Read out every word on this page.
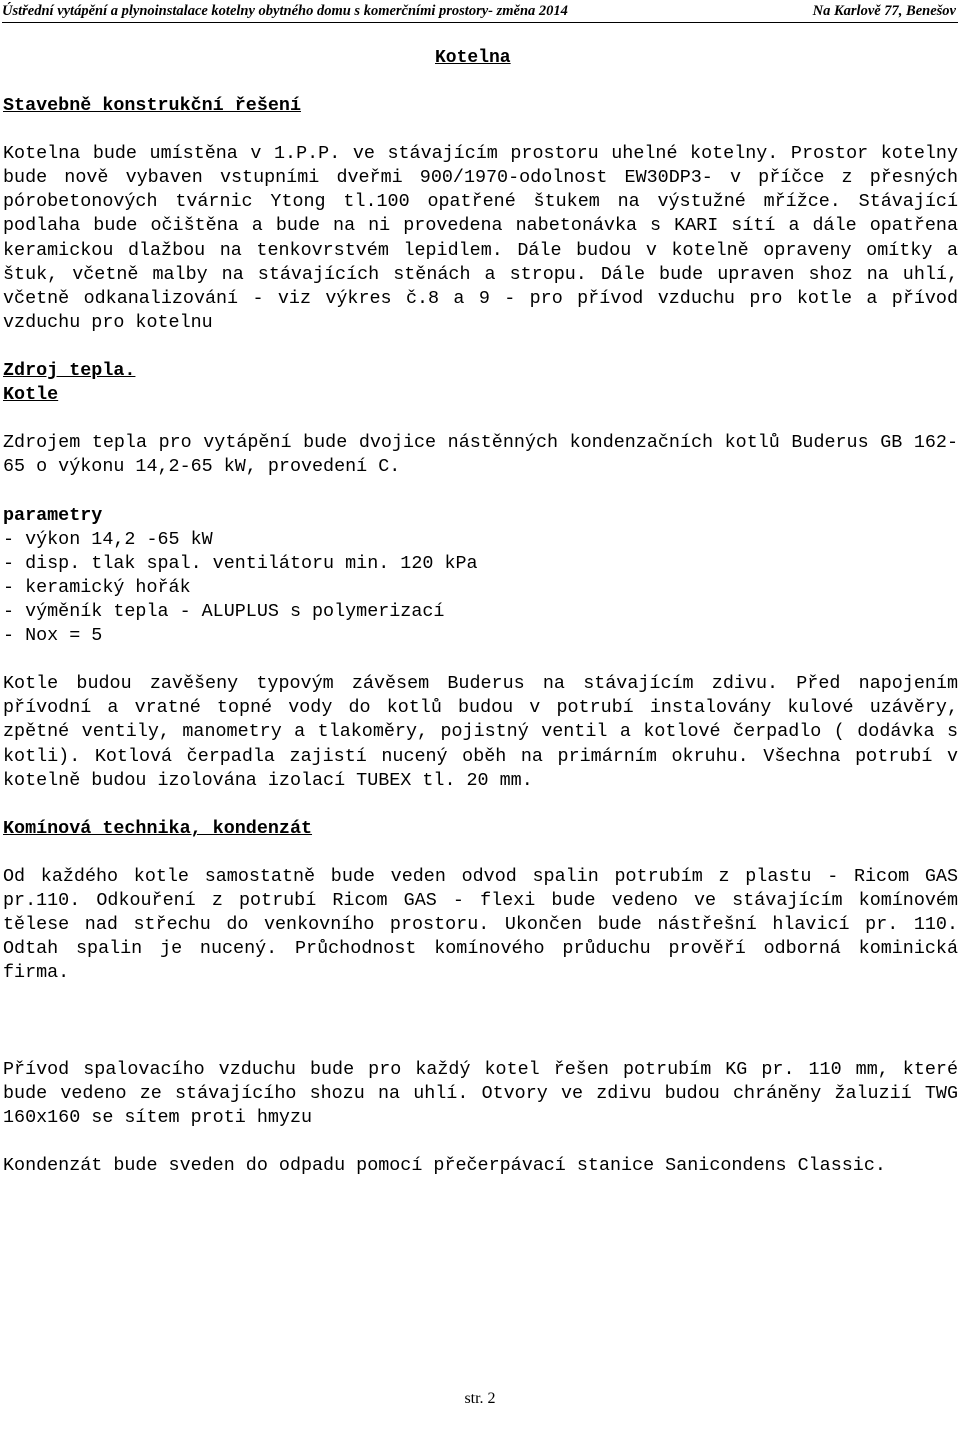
Ústřední vytápění a plynoinstalace kotelny obytného domu s komerčními prostory- změna 2014	Na Karlově 77, Benešov
Kotelna
Stavebně konstrukční řešení

Kotelna bude umístěna v 1.P.P. ve stávajícím prostoru uhelné kotelny. Prostor kotelny bude nově vybaven vstupními dveřmi 900/1970-odolnost EW30DP3- v příčce z přesných pórobetonových tvárnic Ytong tl.100 opatřené štukem na výstužné mřížce. Stávající podlaha bude očištěna a bude na ni provedena nabetonávka s KARI sítí a dále opatřena keramickou dlažbou na tenkovrstvém lepidlem. Dále budou v kotelně opraveny omítky a štuk, včetně malby na stávajících stěnách a stropu. Dále bude upraven shoz na uhlí, včetně odkanalizování - viz výkres č.8 a 9 - pro přívod vzduchu pro kotle a přívod vzduchu pro kotelnu

Zdroj tepla.
Kotle

Zdrojem tepla pro vytápění bude dvojice nástěnných kondenzačních kotlů Buderus GB 162-65 o výkonu 14,2-65 kW, provedení C.

parametry
- výkon 14,2 -65 kW
- disp. tlak spal. ventilátoru min. 120 kPa
- keramický hořák
- výměník tepla - ALUPLUS s polymerizací
- Nox = 5

Kotle budou zavěšeny typovým závěsem Buderus na stávajícím zdivu. Před napojením přívodní a vratné topné vody do kotlů budou v potrubí instalovány kulové uzávěry, zpětné ventily, manometry a tlakoměry, pojistný ventil a kotlové čerpadlo ( dodávka s kotli). Kotlová čerpadla zajistí nucený oběh na primárním okruhu. Všechna potrubí v kotelně budou izolována izolací TUBEX tl. 20 mm.

Komínová technika, kondenzát

Od každého kotle samostatně bude veden odvod spalin potrubím z plastu - Ricom GAS pr.110. Odkouření z potrubí Ricom GAS - flexi bude vedeno ve stávajícím komínovém tělese nad střechu do venkovního prostoru. Ukončen bude nástřešní hlavicí pr. 110. Odtah spalin je nucený. Průchodnost komínového průduchu prověří odborná kominická firma.

Přívod spalovacího vzduchu bude pro každý kotel řešen potrubím KG pr. 110 mm, které bude vedeno ze stávajícího shozu na uhlí. Otvory ve zdivu budou chráněny žaluzií TWG 160x160 se sítem proti hmyzu

Kondenzát bude sveden do odpadu pomocí přečerpávací stanice Sanicondens Classic.

str. 2
